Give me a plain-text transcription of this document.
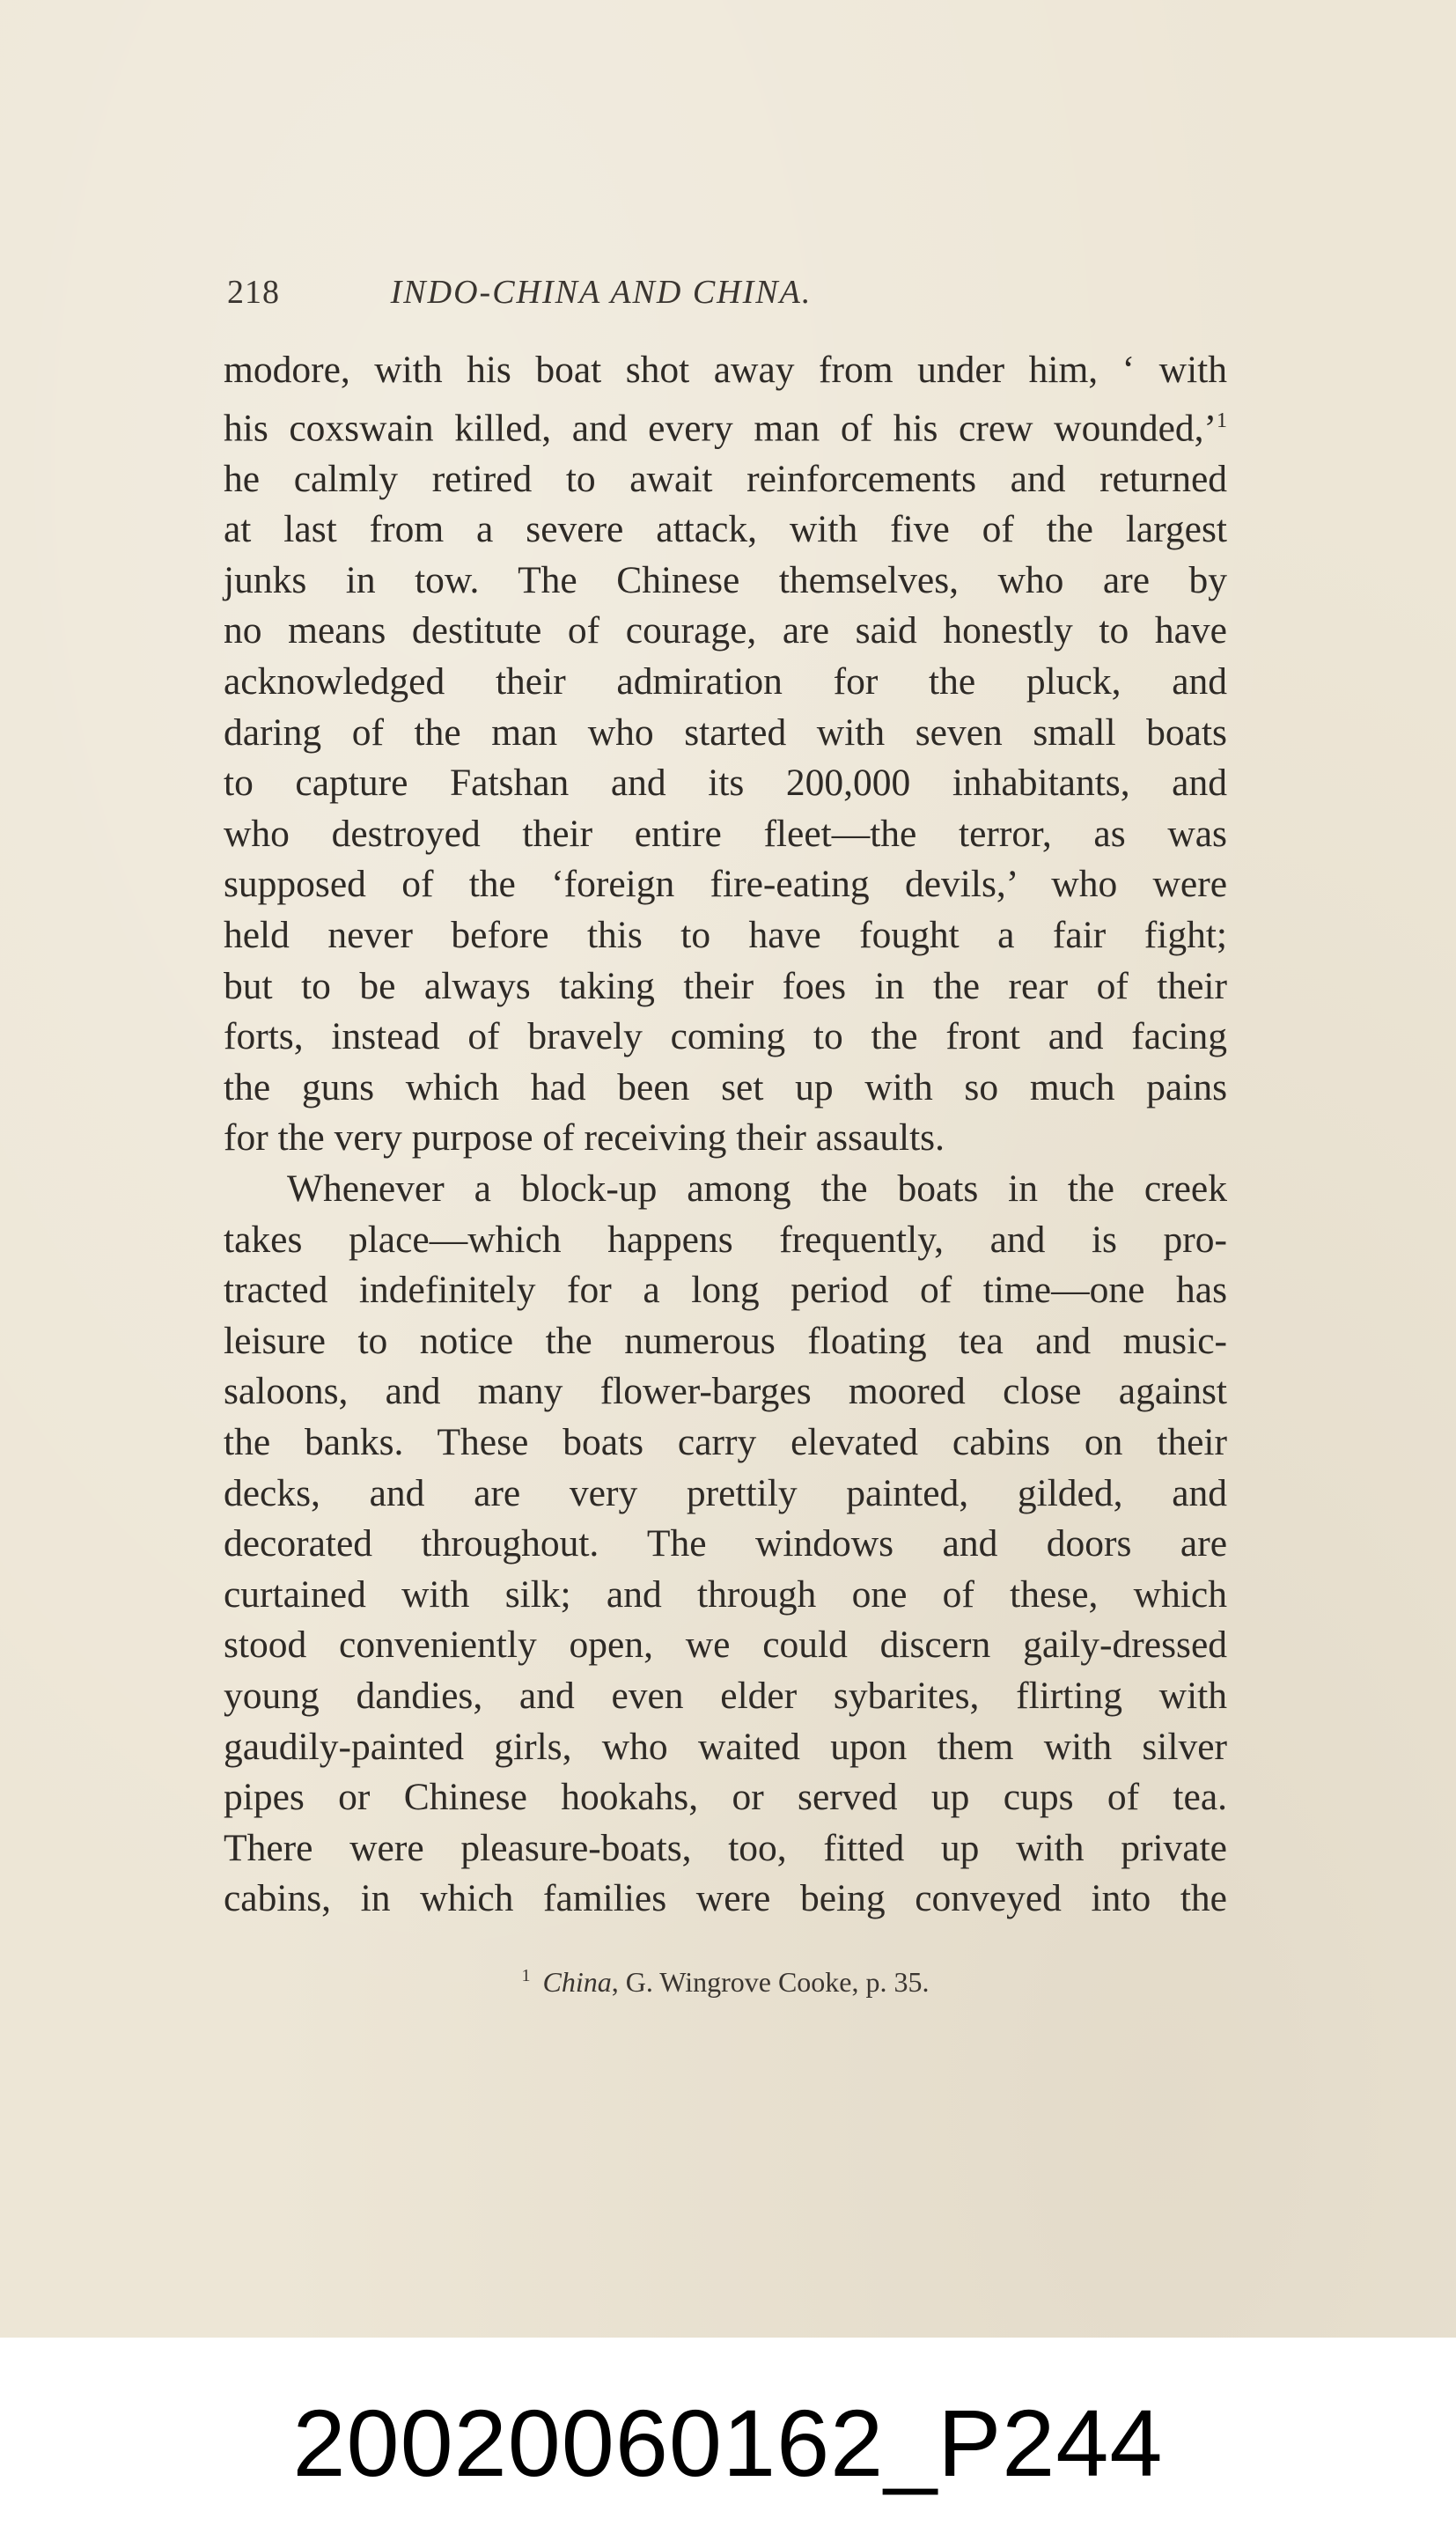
218	INDO-CHINA AND CHINA.
modore, with his boat shot away from under him, ‘ with
his coxswain killed, and every man of his crew wounded,’$^1$
he calmly retired to await reinforcements and returned
at last from a severe attack, with five of the largest
junks in tow. The Chinese themselves, who are by
no means destitute of courage, are said honestly to have
acknowledged their admiration for the pluck, and
daring of the man who started with seven small boats
to capture Fatshan and its 200,000 inhabitants, and
who destroyed their entire fleet—the terror, as was
supposed of the ‘foreign fire-eating devils,’ who were
held never before this to have fought a fair fight;
but to be always taking their foes in the rear of their
forts, instead of bravely coming to the front and facing
the guns which had been set up with so much pains
for the very purpose of receiving their assaults.
Whenever a block-up among the boats in the creek
takes place—which happens frequently, and is pro-
tracted indefinitely for a long period of time—one has
leisure to notice the numerous floating tea and music-
saloons, and many flower-barges moored close against
the banks. These boats carry elevated cabins on their
decks, and are very prettily painted, gilded, and
decorated throughout. The windows and doors are
curtained with silk; and through one of these, which
stood conveniently open, we could discern gaily-dressed
young dandies, and even elder sybarites, flirting with
gaudily-painted girls, who waited upon them with silver
pipes or Chinese hookahs, or served up cups of tea.
There were pleasure-boats, too, fitted up with private
cabins, in which families were being conveyed into the
$^1$ China, G. Wingrove Cooke, p. 35.
20020060162_P244
